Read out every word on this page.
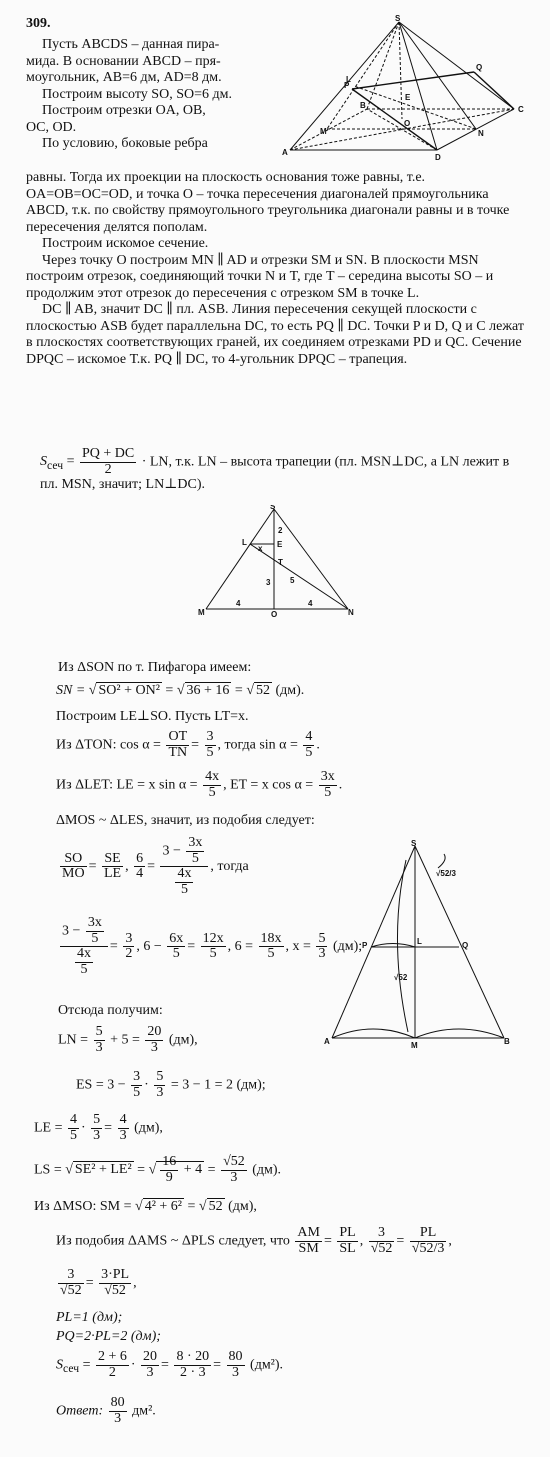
309.
Пусть ABCDS – данная пира-
мида. В основании ABCD – пря-
моугольник, AB=6 дм, AD=8 дм.
Построим высоту SO, SO=6 дм.
Построим отрезки OA, OB,
OC, OD.
По условию, боковые ребра
S
A
B	C
D
M	N
O
P
Q
L
E

равны. Тогда их проекции на плоскость основания тоже равны, т.е. OA=OB=OC=OD, и точка O – точка пересечения диагоналей прямоугольника ABCD, т.к. по свойству прямоугольного треугольника диагонали равны и в точке пересечения делятся пополам.

Построим искомое сечение.

Через точку O построим MN ∥ AD и отрезки SM и SN. В плоскости MSN построим отрезок, соединяющий точки N и T, где T – середина высоты SO – и продолжим этот отрезок до пересечения с отрезком SM в точке L.

DC ∥ AB, значит DC ∥ пл. ASB. Линия пересечения секущей плоскости с плоскостью ASB будет параллельна DC, то есть PQ ∥ DC. Точки P и D, Q и C лежат в плоскостях соответствующих граней, их соединяем отрезками PD и QC. Сечение DPQC – искомое Т.к. PQ ∥ DC, то 4-угольник DPQC – трапеция.

$S_{сеч} = \frac{PQ + DC}{2}$ · LN, т.к. LN – высота трапеции (пл. MSN⊥DC, а LN лежит в пл. MSN, значит; LN⊥DC).
S
L	E
T
M	N
O
x
2
3
4	4
5
Из ΔSON по т. Пифагора имеем:
SN = √ SO² + ON² = √ 36 + 16 = √ 52 (дм).
Построим LE⊥SO. Пусть LT=x.
Из ΔTON: $\cos \alpha = \frac{OT}{TN} = \frac{3}{5}$ , тогда $\sin \alpha = \frac{4}{5}$ .
Из ΔLET: LE = x $\sin \alpha = \frac{4x}{5}$ , ET = x $\cos \alpha = \frac{3x}{5}$ .
ΔMOS ~ ΔLES, значит, из подобия следует:
$\frac{SO}{MO} = \frac{SE}{LE}$ , $\frac{6}{4} = \frac{3 - \frac{3x}{5}}{\frac{4x}{5}}$ , тогда
$\frac{3 - \frac{3x}{5}}{\frac{4x}{5}} = \frac{3}{2}$ , $6 - \frac{6x}{5} = \frac{12x}{5}$ , $6 = \frac{18x}{5}$ , $x = \frac{5}{3} (дм)$;
Отсюда получим:
LN = $\frac{5}{3} + 5 = \frac{20}{3} (дм)$,
ES = $3 - \frac{3}{5} \cdot \frac{5}{3} = 3 - 1 = 2$ (дм);
LE = $\frac{4}{5} \cdot \frac{5}{3} = \frac{4}{3} (дм)$,
LS = √ SE² + LE² = √ $\frac{16}{9} + 4 = \frac{√52}{3} (дм)$.
Из ΔMSO: SM = √ 4² + 6² = √ 52 (дм),
S
P	Q
L
M
A	B
√52
√52/3
Из подобия ΔAMS ~ ΔPLS следует, что $\frac{AM}{SM} = \frac{PL}{SL}$ , $\frac{3}{√52} = \frac{PL}{√52/3}$ ,
$\frac{3}{√52} = \frac{3\cdot PL}{√52}$ ,
PL=1 (дм);
PQ=2·PL=2 (дм);
$S_{сеч} = \frac{2 + 6}{2} \cdot \frac{20}{3} = \frac{8 \cdot 20}{2 \cdot 3} = \frac{80}{3} (дм^2)$.
Ответ: $\frac{80}{3} дм^2$.
